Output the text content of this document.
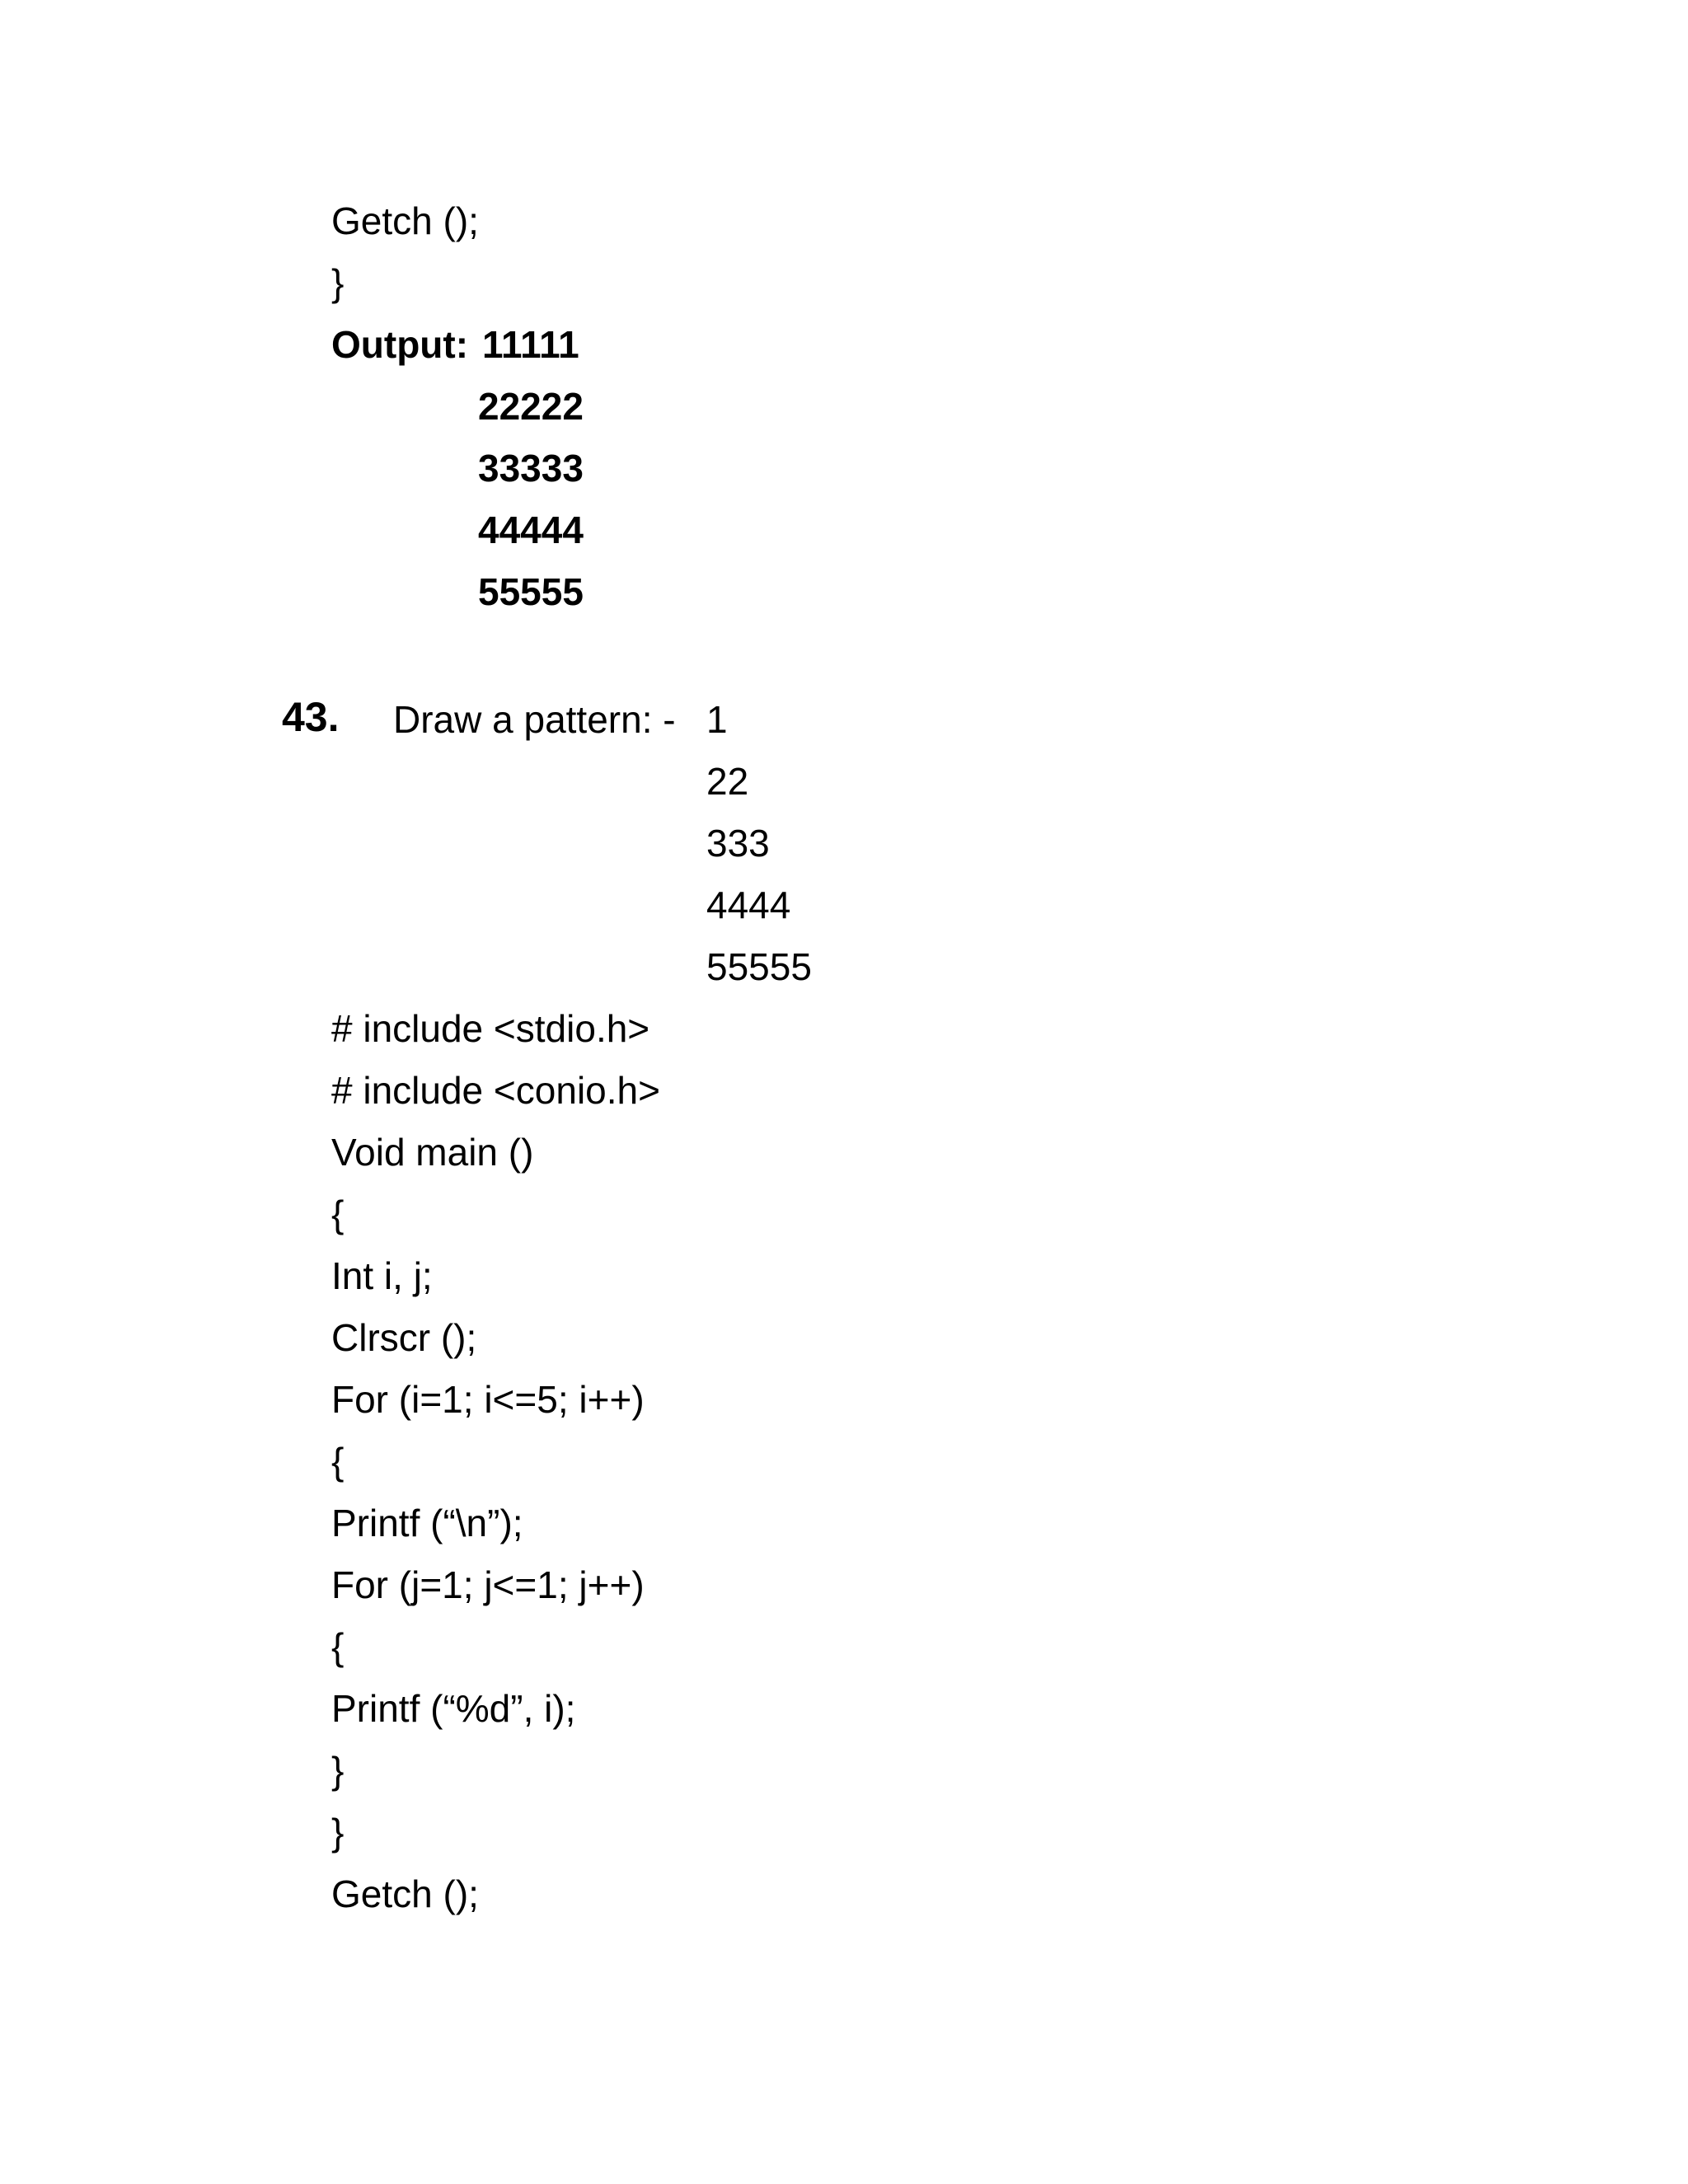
Getch ();
}
Output: 11111
22222
33333
44444
55555
43. Draw a pattern: - 1
22
333
4444
55555
# include <stdio.h>
# include <conio.h>
Void main ()
{
Int i, j;
Clrscr ();
For (i=1; i<=5; i++)
{
Printf (“\n”);
For (j=1; j<=1; j++)
{
Printf (“%d”, i);
}
}
Getch ();
